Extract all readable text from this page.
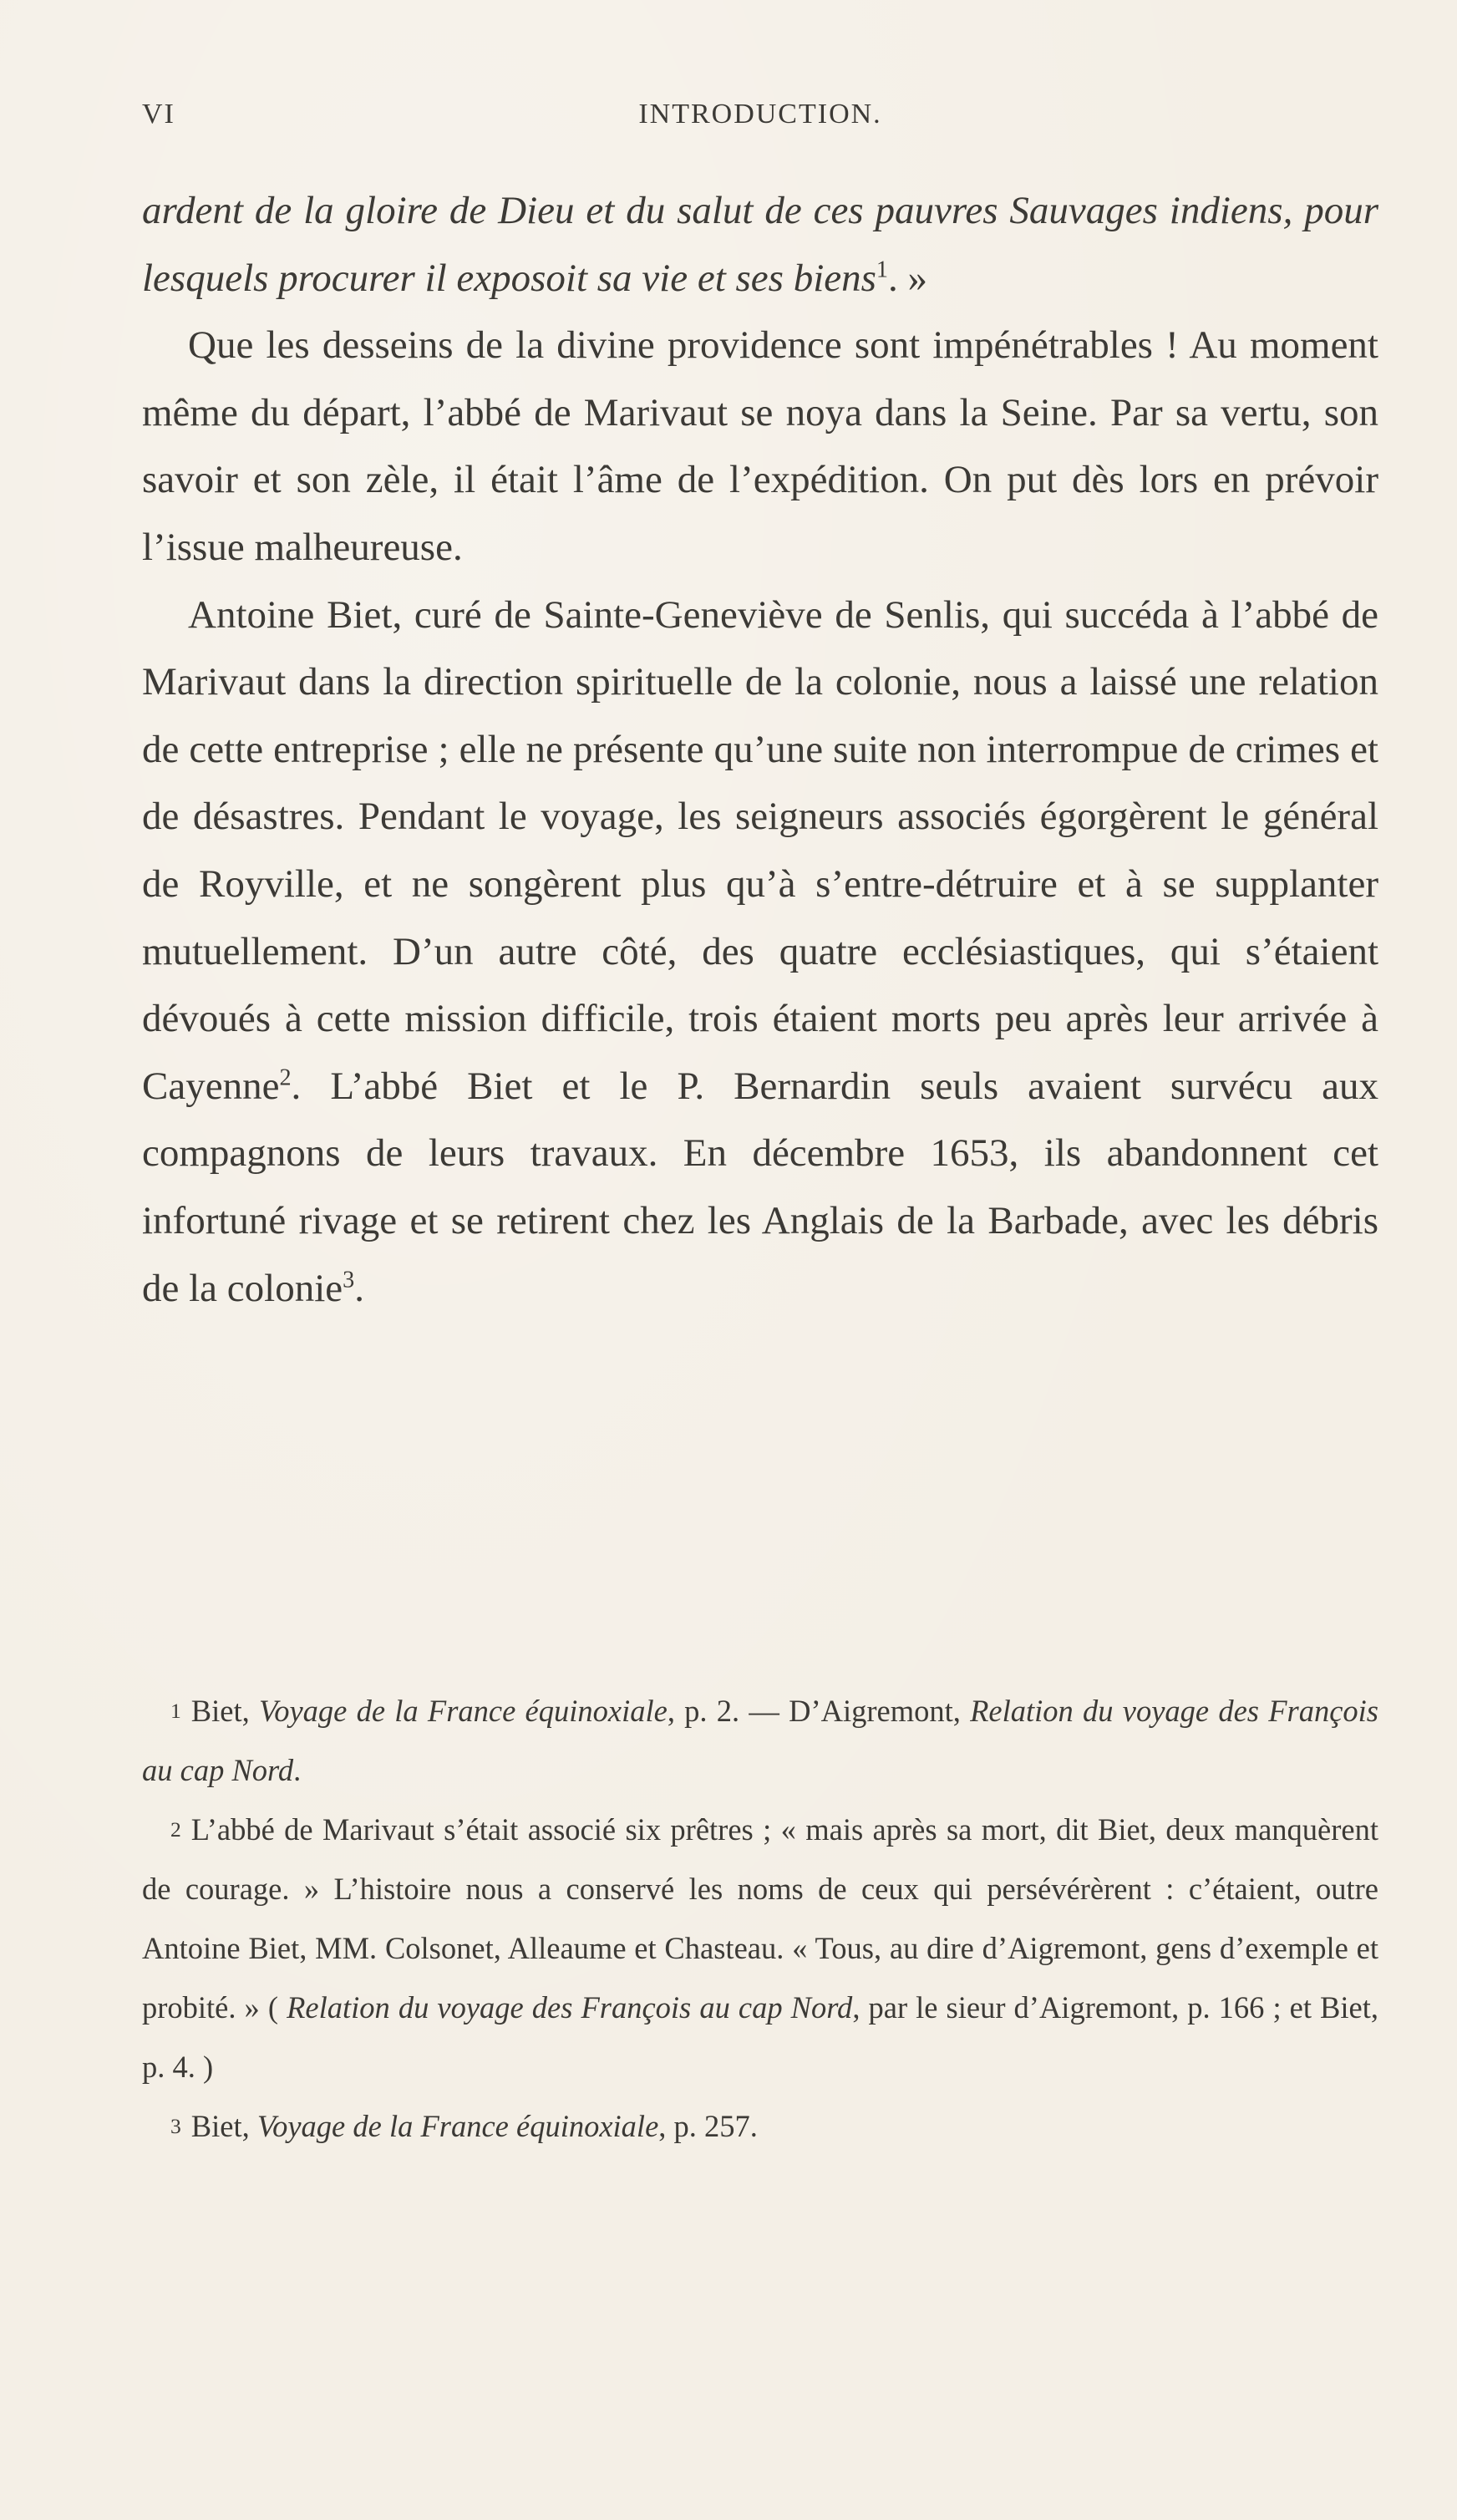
VI	INTRODUCTION.

ardent de la gloire de Dieu et du salut de ces pauvres Sauvages indiens, pour lesquels procurer il exposoit sa vie et ses biens$^1$. »

Que les desseins de la divine providence sont impénétrables ! Au moment même du départ, l’abbé de Marivaut se noya dans la Seine. Par sa vertu, son savoir et son zèle, il était l’âme de l’expédition. On put dès lors en prévoir l’issue malheureuse.

Antoine Biet, curé de Sainte-Geneviève de Senlis, qui succéda à l’abbé de Marivaut dans la direction spirituelle de la colonie, nous a laissé une relation de cette entreprise ; elle ne présente qu’une suite non interrompue de crimes et de désastres. Pendant le voyage, les seigneurs associés égorgèrent le général de Royville, et ne songèrent plus qu’à s’entre-détruire et à se supplanter mutuellement. D’un autre côté, des quatre ecclésiastiques, qui s’étaient dévoués à cette mission difficile, trois étaient morts peu après leur arrivée à Cayenne$^2$. L’abbé Biet et le P. Bernardin seuls avaient survécu aux compagnons de leurs travaux. En décembre 1653, ils abandonnent cet infortuné rivage et se retirent chez les Anglais de la Barbade, avec les débris de la colonie$^3$.

1 Biet, Voyage de la France équinoxiale, p. 2. — D’Aigremont, Relation du voyage des François au cap Nord.

2 L’abbé de Marivaut s’était associé six prêtres ; « mais après sa mort, dit Biet, deux manquèrent de courage. » L’histoire nous a conservé les noms de ceux qui persévérèrent : c’étaient, outre Antoine Biet, MM. Colsonet, Alleaume et Chasteau. « Tous, au dire d’Aigremont, gens d’exemple et probité. » ( Relation du voyage des François au cap Nord, par le sieur d’Aigremont, p. 166 ; et Biet, p. 4. )

3 Biet, Voyage de la France équinoxiale, p. 257.
